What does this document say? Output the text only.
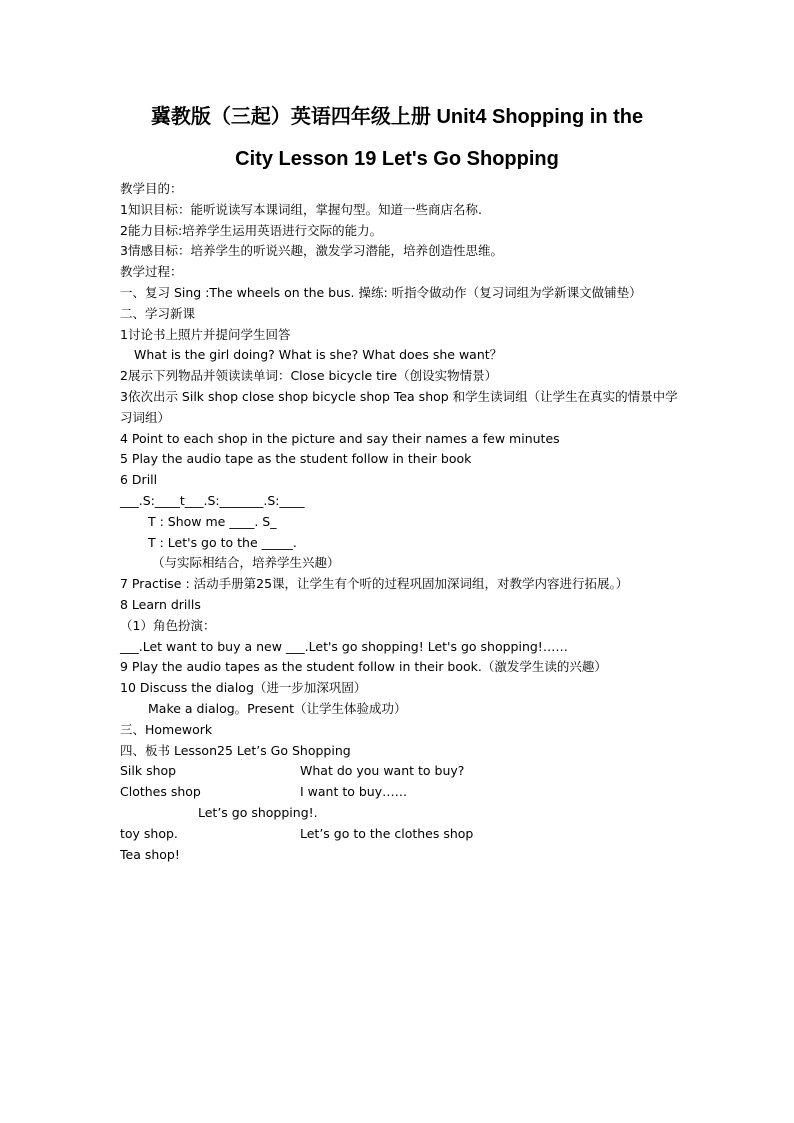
冀教版（三起）英语四年级上册 Unit4 Shopping in the
City Lesson 19 Let's Go Shopping
教学目的：
1知识目标：能听说读写本课词组，掌握句型。知道一些商店名称.
2能力目标:培养学生运用英语进行交际的能力。
3情感目标：培养学生的听说兴趣，激发学习潜能，培养创造性思维。
教学过程：
一、复习 Sing :The wheels on the bus. 操练: 听指令做动作（复习词组为学新课文做铺垫）
二、学习新课
1讨论书上照片并提问学生回答
What is the girl doing? What is she? What does she want？
2展示下列物品并领读读单词：Close bicycle tire（创设实物情景）
3依次出示 Silk shop close shop bicycle shop Tea shop 和学生读词组（让学生在真实的情景中学习词组）
4 Point to each shop in the picture and say their names a few minutes
5 Play the audio tape as the student follow in their book
6 Drill
___.S:____t___.S:_______.S:____
T : Show me ____. S_
T : Let's go to the _____.
（与实际相结合，培养学生兴趣）
7 Practise : 活动手册第25课，让学生有个听的过程巩固加深词组，对教学内容进行拓展。）
8 Learn drills
（1）角色扮演：
___.Let want to buy a new ___.Let's go shopping! Let's go shopping!……
9 Play the audio tapes as the student follow in their book.（激发学生读的兴趣）
10 Discuss the dialog（进一步加深巩固）
Make a dialog。Present（让学生体验成功）
三、Homework
四、板书 Lesson25 Let’s Go Shopping
Silk shop	What do you want to buy?
Clothes shop	I want to buy……
Let’s go shopping!.
toy shop.	Let’s go to the clothes shop
Tea shop!
